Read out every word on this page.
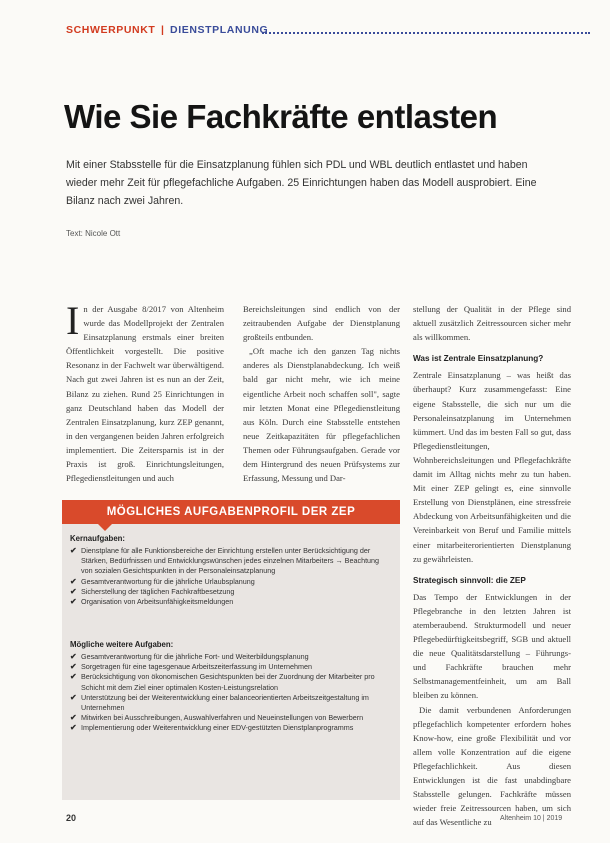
SCHWERPUNKT | DIENSTPLANUNG
Wie Sie Fachkräfte entlasten
Mit einer Stabsstelle für die Einsatzplanung fühlen sich PDL und WBL deutlich entlastet und haben wieder mehr Zeit für pflegefachliche Aufgaben. 25 Einrichtungen haben das Modell ausprobiert. Eine Bilanz nach zwei Jahren.
Text: Nicole Ott
In der Ausgabe 8/2017 von Altenheim wurde das Modellprojekt der Zentralen Einsatzplanung erstmals einer breiten Öffentlichkeit vorgestellt. Die positive Resonanz in der Fachwelt war überwältigend. Nach gut zwei Jahren ist es nun an der Zeit, Bilanz zu ziehen. Rund 25 Einrichtungen in ganz Deutschland haben das Modell der Zentralen Einsatzplanung, kurz ZEP genannt, in den vergangenen beiden Jahren erfolgreich implementiert. Die Zeitersparnis ist in der Praxis ist groß. Einrichtungsleitungen, Pflegedienstleitungen und auch
Bereichsleitungen sind endlich von der zeitraubenden Aufgabe der Dienstplanung großteils entbunden.
„Oft mache ich den ganzen Tag nichts anderes als Dienstplanabdeckung. Ich weiß bald gar nicht mehr, wie ich meine eigentliche Arbeit noch schaffen soll", sagte mir letzten Monat eine Pflegedienstleitung aus Köln. Durch eine Stabsstelle entstehen neue Zeitkapazitäten für pflegefachlichen Themen oder Führungsaufgaben. Gerade vor dem Hintergrund des neuen Prüfsystems zur Erfassung, Messung und Dar-

stellung der Qualität in der Pflege sind aktuell zusätzlich Zeitressourcen sicher mehr als willkommen.

Was ist Zentrale Einsatzplanung?

Zentrale Einsatzplanung – was heißt das überhaupt? Kurz zusammengefasst: Eine eigene Stabsstelle, die sich nur um die Personaleinsatzplanung im Unternehmen kümmert. Und das im besten Fall so gut, dass Pflegedienstleitungen, Wohnbereichsleitungen und Pflegefachkräfte damit im Alltag nichts mehr zu tun haben. Mit einer ZEP gelingt es, eine sinnvolle Erstellung von Dienstplänen, eine stressfreie Abdeckung von Arbeitsunfähigkeiten und die Vereinbarkeit von Beruf und Familie mittels einer mitarbeiterorientierten Dienstplanung zu gewährleisten.

Strategisch sinnvoll: die ZEP

Das Tempo der Entwicklungen in der Pflegebranche in den letzten Jahren ist atemberaubend. Strukturmodell und neuer Pflegebedürftigkeitsbegriff, SGB und aktuell die neue Qualitätsdarstellung – Führungs- und Fachkräfte brauchen mehr Selbstmanagementfeinheit, um am Ball bleiben zu können.

Die damit verbundenen Anforderungen pflegefachlich kompetenter erfordern hohes Know-how, eine große Flexibilität und vor allem volle Konzentration auf die eigene Pflegefachlichkeit. Aus diesen Entwicklungen ist die fast unabdingbare Stabsstelle gelungen. Fachkräfte müssen wieder freie Zeitressourcen haben, um sich auf das Wesentliche zu

MÖGLICHES AUFGABENPROFIL DER ZEP
Kernaufgaben:
✔ Dienstplane für alle Funktionsbereiche der Einrichtung erstellen unter Berücksichtigung der Stärken, Bedürfnissen und Entwicklungswünschen jedes einzelnen Mitarbeiters → Beachtung von sozialen Gesichtspunkten in der Personaleinsatzplanung
✔ Gesamtverantwortung für die jährliche Urlaubsplanung
✔ Sicherstellung der täglichen Fachkraftbesetzung
✔ Organisation von Arbeitsunfähigkeitsmeldungen
Mögliche weitere Aufgaben:
✔ Gesamtverantwortung für die jährliche Fort- und Weiterbildungsplanung
✔ Sorgetragen für eine tagesgenaue Arbeitszeiterfassung im Unternehmen
✔ Berücksichtigung von ökonomischen Gesichtspunkten bei der Zuordnung der Mitarbeiter pro Schicht mit dem Ziel einer optimalen Kosten-Leistungsrelation
✔ Unterstützung bei der Weiterentwicklung einer balanceorientierten Arbeitszeitgestaltung im Unternehmen
✔ Mitwirken bei Ausschreibungen, Auswahlverfahren und Neueinstellungen von Bewerbern
✔ Implementierung oder Weiterentwicklung einer EDV-gestützten Dienstplanprogramms
20	Altenheim 10 | 2019
